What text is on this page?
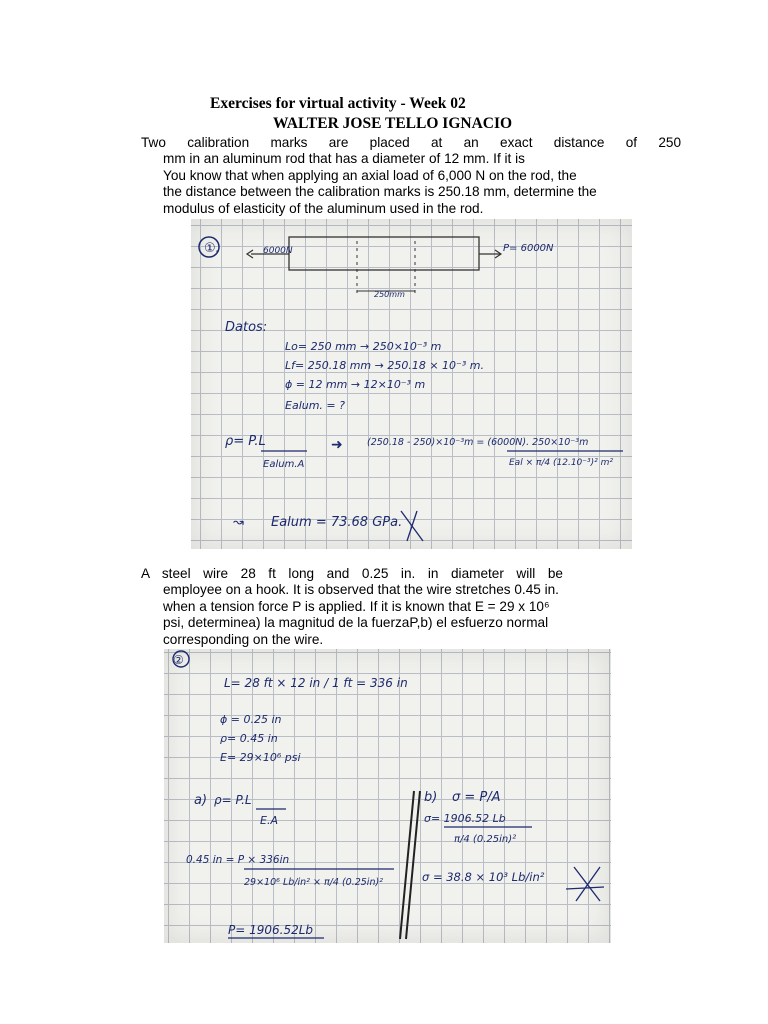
Exercises for virtual activity - Week 02
WALTER JOSE TELLO IGNACIO
Two calibration marks are placed at an exact distance of 250
mm in an aluminum rod that has a diameter of 12 mm. If it is
You know that when applying an axial load of 6,000 N on the rod, the
the distance between the calibration marks is 250.18 mm, determine the
modulus of elasticity of the aluminum used in the rod.
①.	6000N	P= 6000N
250mm
Datos:
Lo= 250 mm → 250×10⁻³ m
Lf= 250.18 mm → 250.18 × 10⁻³ m.
ϕ = 12 mm → 12×10⁻³ m
Ealum. = ?
ρ= P.L
Ealum.A
➜	(250.18 - 250)×10⁻³m = (6000N). 250×10⁻³m
Eal × π/4 (12.10⁻³)² m²
↝ Ealum = 73.68 GPa.
A steel wire 28 ft long and 0.25 in. in diameter will be
employee on a hook. It is observed that the wire stretches 0.45 in.
when a tension force P is applied. If it is known that E = 29 x 10⁶
psi, determinea) la magnitud de la fuerzaP,b) el esfuerzo normal
corresponding on the wire.
②
L= 28 ft × 12 in / 1 ft = 336 in
ϕ = 0.25 in
ρ= 0.45 in
E= 29×10⁶ psi
a) ρ= P.L
E.A
0.45 in = P × 336in
29×10⁶ Lb/in² × π/4 (0.25in)²
P= 1906.52Lb
b) σ = P/A
σ= 1906.52 Lb
π/4 (0.25in)²
σ = 38.8 × 10³ Lb/in²
